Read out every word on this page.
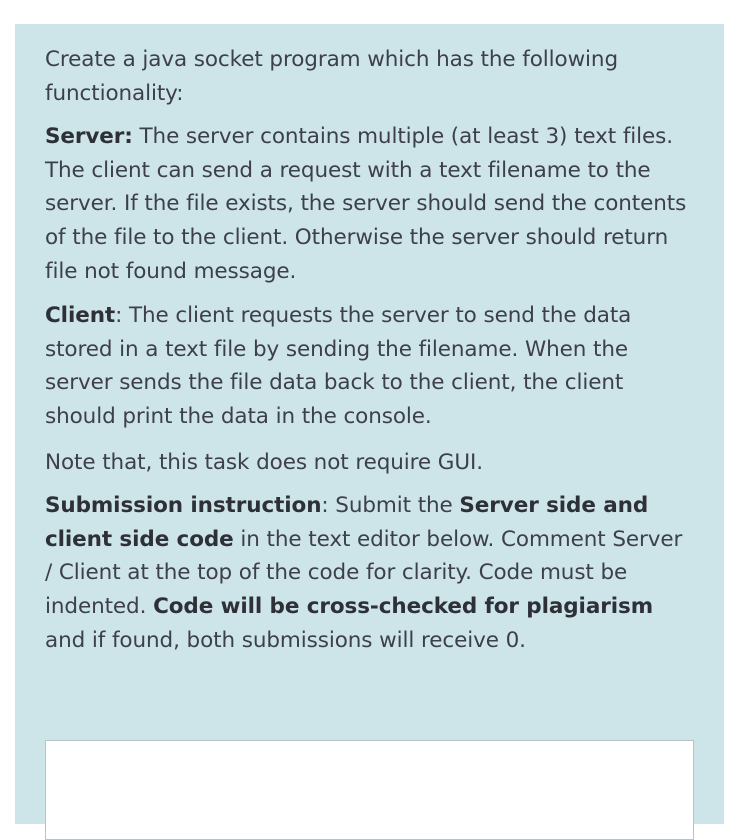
Create a java socket program which has the following functionality:

Server: The server contains multiple (at least 3) text files. The client can send a request with a text filename to the server. If the file exists, the server should send the contents of the file to the client. Otherwise the server should return file not found message.

Client: The client requests the server to send the data stored in a text file by sending the filename. When the server sends the file data back to the client, the client should print the data in the console.

Note that, this task does not require GUI.

Submission instruction: Submit the Server side and client side code in the text editor below. Comment Server / Client at the top of the code for clarity. Code must be indented. Code will be cross-checked for plagiarism and if found, both submissions will receive 0.
